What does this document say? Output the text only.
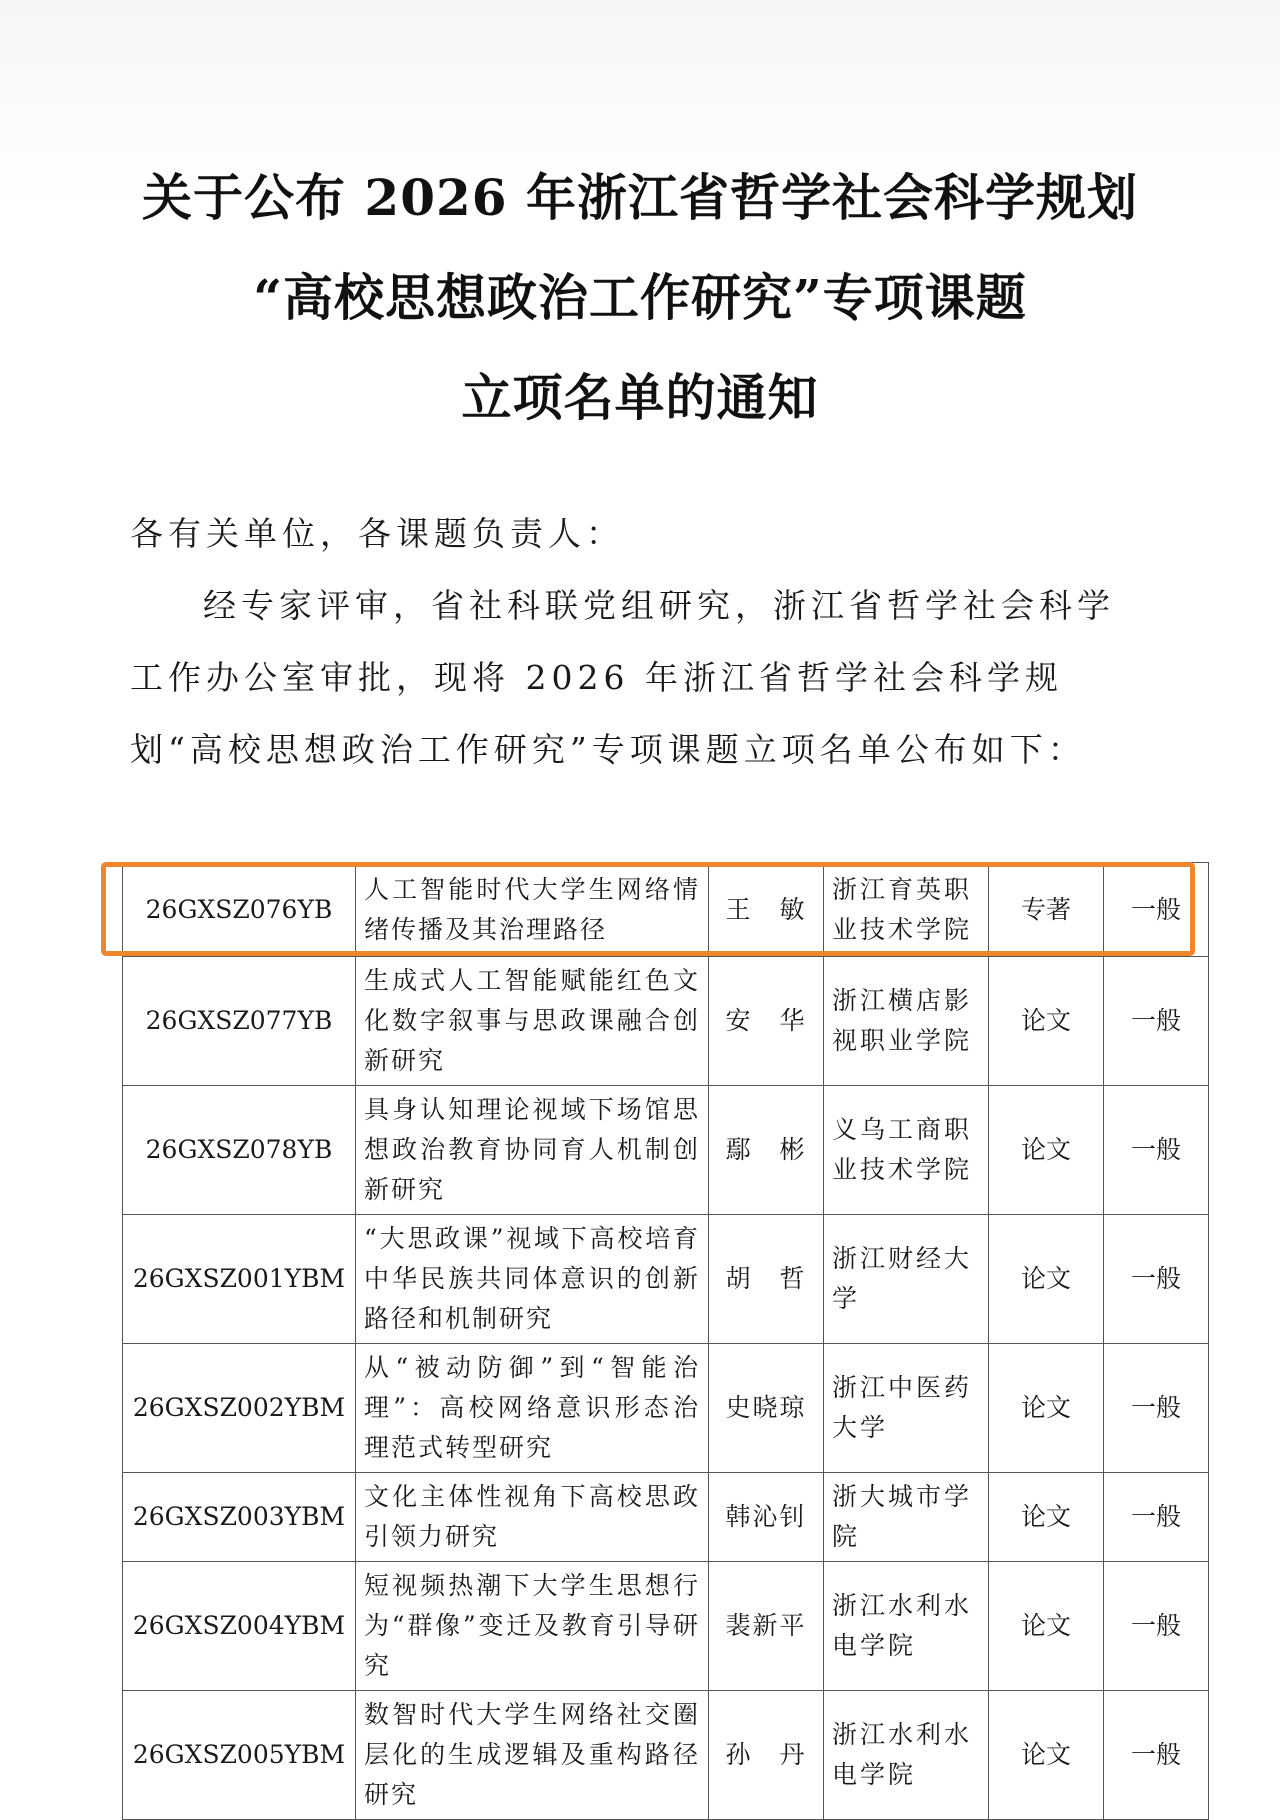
关于公布 2026 年浙江省哲学社会科学规划
“高校思想政治工作研究”专项课题
立项名单的通知
各有关单位，各课题负责人：
经专家评审，省社科联党组研究，浙江省哲学社会科学工作办公室审批，现将 2026 年浙江省哲学社会科学规划“高校思想政治工作研究”专项课题立项名单公布如下：
26GXSZ076YB	人工智能时代大学生网络情绪传播及其治理路径	王　敏	浙江育英职业技术学院	专著	一般
26GXSZ077YB	生成式人工智能赋能红色文化数字叙事与思政课融合创新研究	安　华	浙江横店影视职业学院	论文	一般
26GXSZ078YB	具身认知理论视域下场馆思想政治教育协同育人机制创新研究	鄢　彬	义乌工商职业技术学院	论文	一般
26GXSZ001YBM	“大思政课”视域下高校培育中华民族共同体意识的创新路径和机制研究	胡　哲	浙江财经大学	论文	一般
26GXSZ002YBM	从“被动防御”到“智能治理”：高校网络意识形态治理范式转型研究	史晓琼	浙江中医药大学	论文	一般
26GXSZ003YBM	文化主体性视角下高校思政引领力研究	韩沁钊	浙大城市学院	论文	一般
26GXSZ004YBM	短视频热潮下大学生思想行为“群像”变迁及教育引导研究	裴新平	浙江水利水电学院	论文	一般
26GXSZ005YBM	数智时代大学生网络社交圈层化的生成逻辑及重构路径研究	孙　丹	浙江水利水电学院	论文	一般
